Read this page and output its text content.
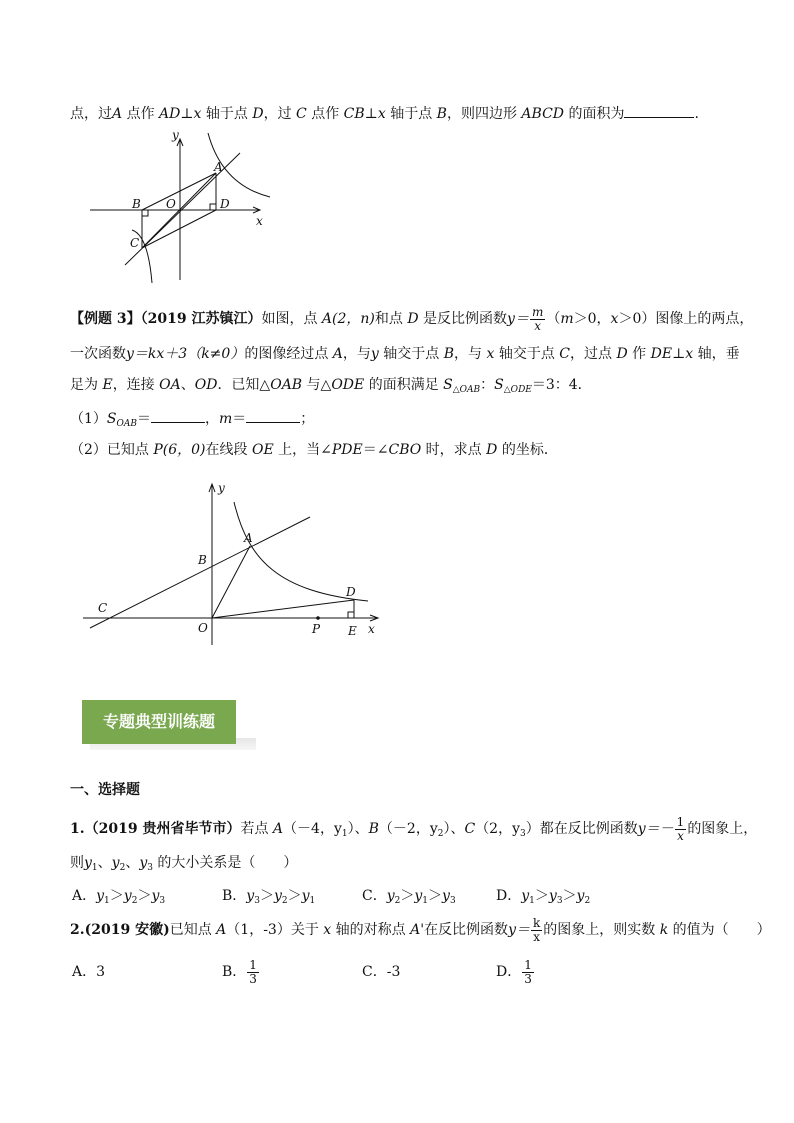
点，过A 点作 AD⊥x 轴于点 D，过 C 点作 CB⊥x 轴于点 B，则四边形 ABCD 的面积为	.
y
x
A
B O	D
C
【例题 3】（2019 江苏镇江）如图，点 A(2，n)和点 D 是反比例函数$y= \frac{m}{x} (m>0$，x＞0）图像上的两点，
一次函数y＝kx＋3（k≠0）的图像经过点 A，与y 轴交于点 B，与 x 轴交于点 C，过点 D 作 DE⊥x 轴，垂
足为 E，连接 OA、OD．已知△OAB 与△ODE 的面积满足 $S_{\triangle OAB}$：$S_{\triangle ODE}=3$：4．
$(1)S_{OAB}=$	，m＝	；
（2）已知点 P(6，0)在线段 OE 上，当∠PDE＝∠CBO 时，求点 D 的坐标．
y
x
A
B
C
D
O	P E
专题典型训练题
一、选择题
1.（2019 贵州省毕节市）若点 A（－4，$y_1$）、B（－2，$y_2$）、C（2，$y_3$）都在反比例函数$y=- \frac{1}{x}$ 的图象上，
则$y_1$、$y_2$、$y_3$ 的大小关系是（　　）
A．$y_1>y_2>y_3$	B．$y_3>y_2>y_1$	C．$y_2>y_1>y_3$	D．$y_1>y_3>y_2$
2.(2019 安徽)已知点 A（1，-3）关于 x 轴的对称点 A'在反比例函数$y= \frac{k}{x}$ 的图象上，则实数 k 的值为（　　）
A．3	B． $\frac{1}{3}$	C．-3	D． $\frac{1}{3}$
